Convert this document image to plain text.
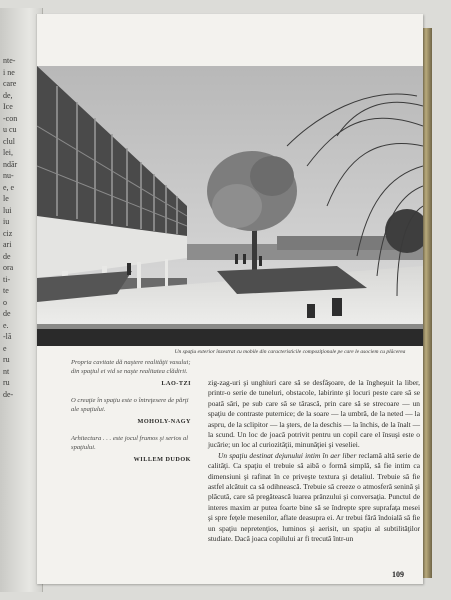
nte-
i ne
care
de,
Ice
-con
u cu
clul
lei,
ndăr
nu-
e, e
le
lui
iu
ciz
ari
de
ora
ti-
te
o
de
e.
-lă
e
ru
nt
ru
de-
Un spaţiu exterior înzestrat cu mobile din caracteristicile compoziţionale pe care le asociem cu plăcerea
Propria cavitate dă naştere realităţii vasului; din spaţiul ei vid se naşte realitatea clădirii.
LAO-TZI
O creaţie în spaţiu este o întreţesere de părţi ale spaţiului.
MOHOLY-NAGY
Arhitectura . . . este jocul frumos şi serios al spaţiului.
WILLEM DUDOK

zig-zag-uri şi unghiuri care să se desfăşoare, de la îngheşuit la liber, printr-o serie de tuneluri, obstacole, labirinte şi locuri peste care să se poată sări, pe sub care să se târască, prin care să se strecoare — un spaţiu de contraste puternice; de la soare — la umbră, de la neted — la aspru, de la sclipitor — la şters, de la deschis — la închis, de la înalt — la scund. Un loc de joacă potrivit pentru un copil care el însuşi este o jucărie; un loc al curiozităţii, minunăţiei şi veseliei.

Un spaţiu destinat dejunului intim în aer liber reclamă altă serie de calităţi. Ca spaţiu el trebuie să aibă o formă simplă, să fie intim ca dimensiuni şi rafinat în ce priveşte textura şi detaliul. Trebuie să fie astfel alcătuit ca să odihnească. Trebuie să creeze o atmosferă senină şi plăcută, care să pregătească luarea prânzului şi conversaţia. Punctul de interes maxim ar putea foarte bine să se îndrepte spre suprafaţa mesei şi spre feţele mesenilor, aflate deasupra ei. Ar trebui fără îndoială să fie un spaţiu nepretenţios, luminos şi aerisit, un spaţiu al subtilităţilor studiate. Dacă joaca copilului ar fi trecută într-un

109
